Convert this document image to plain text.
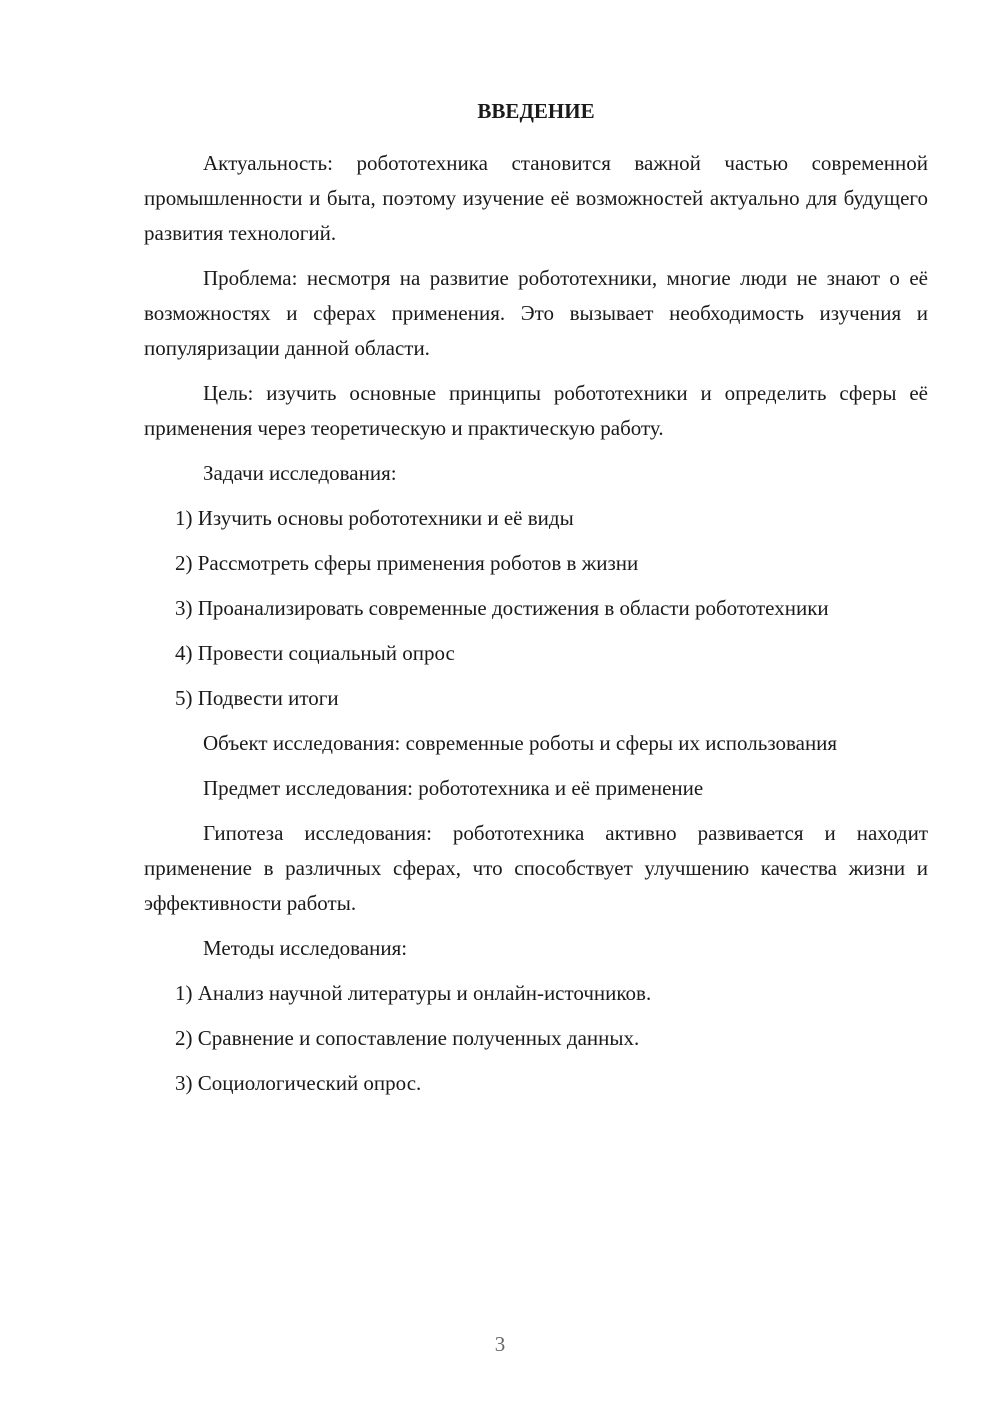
ВВЕДЕНИЕ

Актуальность: робототехника становится важной частью современной промышленности и быта, поэтому изучение её возможностей актуально для будущего развития технологий.

Проблема: несмотря на развитие робототехники, многие люди не знают о её возможностях и сферах применения. Это вызывает необходимость изучения и популяризации данной области.

Цель: изучить основные принципы робототехники и определить сферы её применения через теоретическую и практическую работу.

Задачи исследования:

1) Изучить основы робототехники и её виды

2) Рассмотреть сферы применения роботов в жизни

3) Проанализировать современные достижения в области робототехники

4) Провести социальный опрос

5) Подвести итоги

Объект исследования: современные роботы и сферы их использования

Предмет исследования: робототехника и её применение

Гипотеза исследования: робототехника активно развивается и находит применение в различных сферах, что способствует улучшению качества жизни и эффективности работы.

Методы исследования:

1) Анализ научной литературы и онлайн-источников.

2) Сравнение и сопоставление полученных данных.

3) Социологический опрос.

3
